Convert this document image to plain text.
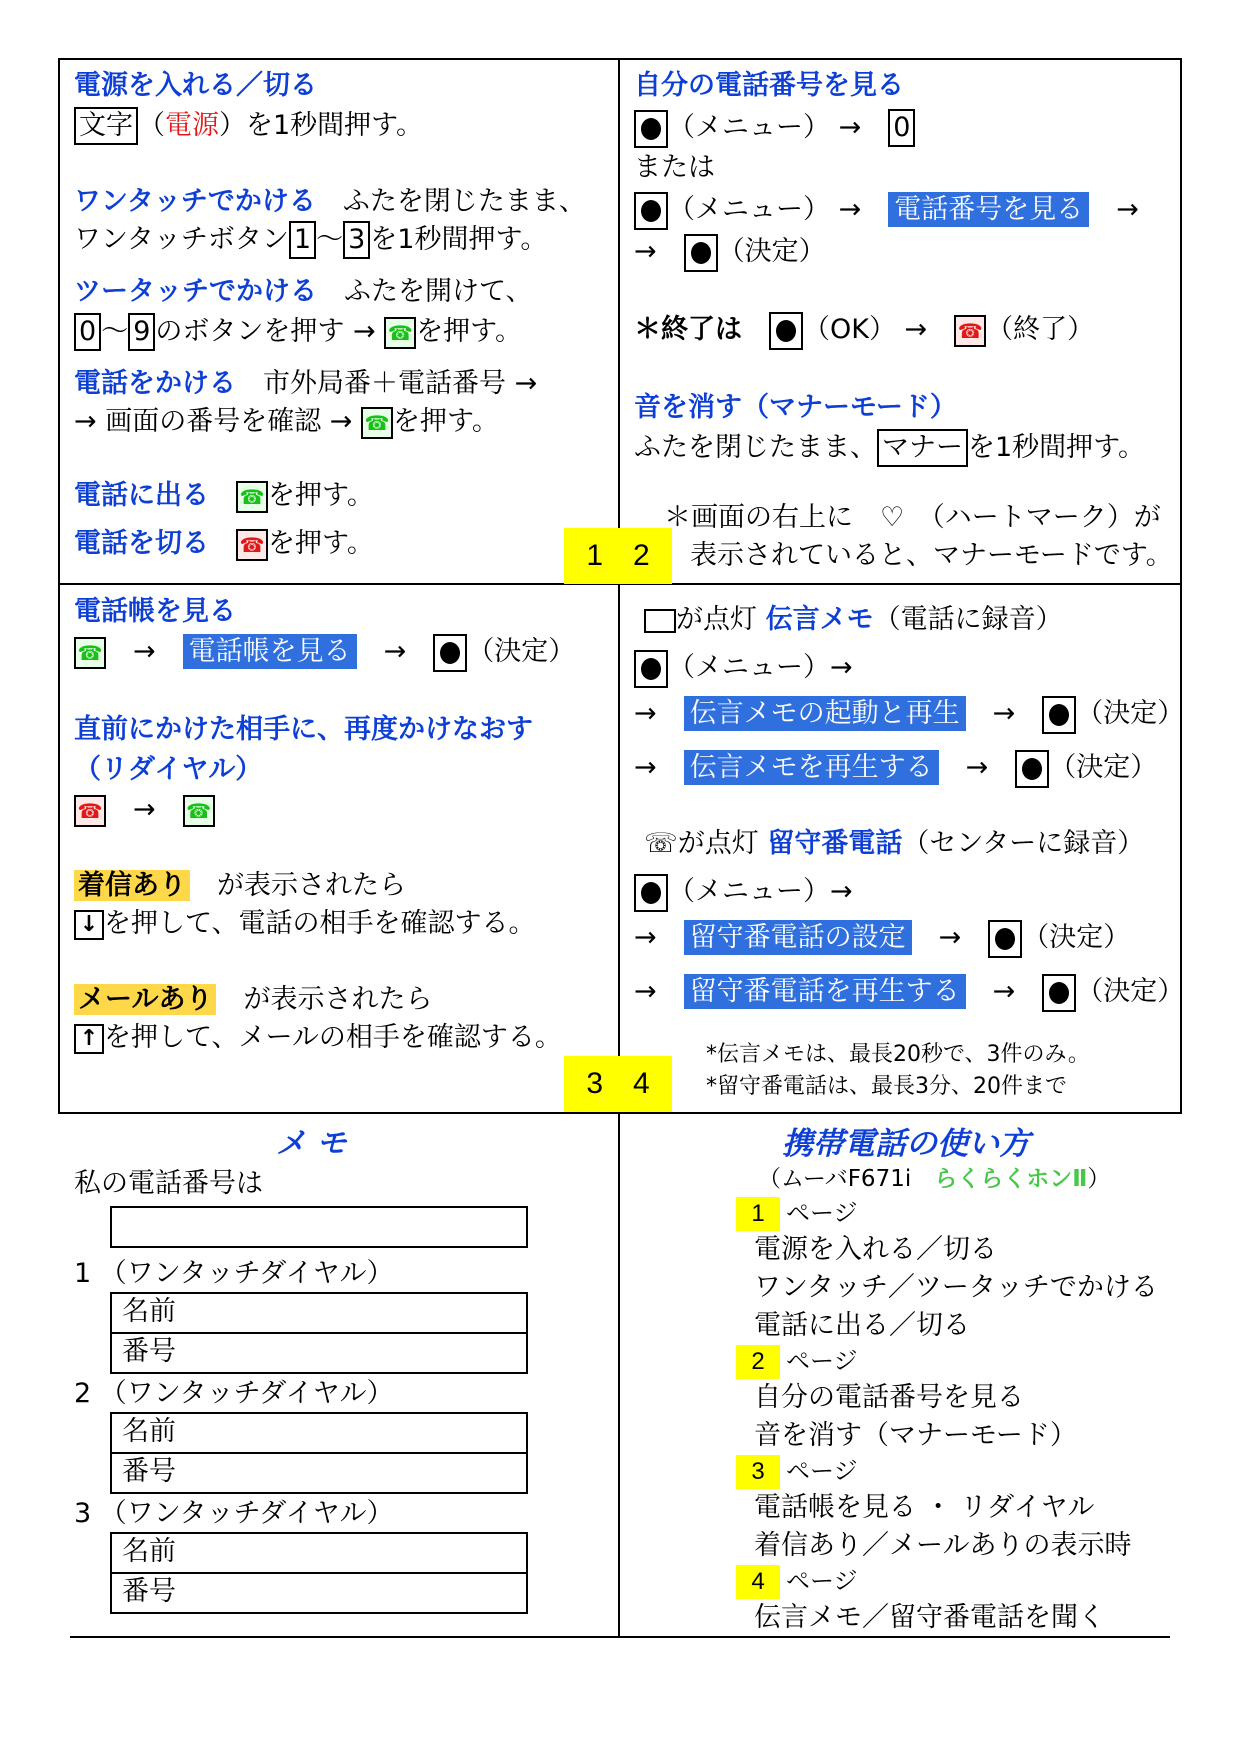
電源を入れる／切る
文字 （電源）を1秒間押す。
ワンタッチでかける　 ふたを閉じたまま、
ワンタッチボタン 1 〜 3 を1秒間押す。
ツータッチでかける　 ふたを開けて、
0 〜 9 のボタンを押す → ☎ を押す。
電話をかける　 市外局番＋電話番号 →
→ 画面の番号を確認 → ☎ を押す。
電話に出る　 ☎ を押す。
電話を切る　 ☎ を押す。	1　2
自分の電話番号を見る
（メニュー） →　 0
または
（メニュー） →　 電話番号を見る　 →
→　 （決定）
＊終了は　 （OK） →　 ☎ （終了）
音を消す（マナーモード）
ふたを閉じたまま、 マナー を1秒間押す。
＊画面の右上に　 ♡　 （ハートマーク）が
表示されていると、マナーモードです。
電話帳を見る
☎　→　電話帳を見る　→　（決定）
直前にかけた相手に、再度かけなおす
（リダイヤル）
☎　→　☎
着信あり　 が表示されたら
↓ を押して、電話の相手を確認する。
メールあり　 が表示されたら
↑ を押して、メールの相手を確認する。
3　4
が点灯 伝言メモ（電話に録音）
（メニュー）→
→　 伝言メモの起動と再生　→　（決定）
→　 伝言メモを再生する　→　（決定）
☏が点灯 留守番電話（センターに録音）
（メニュー）→
→　 留守番電話の設定　→　（決定）
→　 留守番電話を再生する　→　（決定）
*伝言メモは、最長20秒で、3件のみ。
*留守番電話は、最長3分、20件まで
メ モ
私の電話番号は
1 （ワンタッチダイヤル）
名前
番号
2 （ワンタッチダイヤル）
名前
番号
3 （ワンタッチダイヤル）
名前
番号
携帯電話の使い方
（ムーバF671i　 らくらくホンⅡ）
1 ページ
電源を入れる／切る
ワンタッチ／ツータッチでかける
電話に出る／切る
2 ページ
自分の電話番号を見る
音を消す（マナーモード）
3 ページ
電話帳を見る ・ リダイヤル
着信あり／メールありの表示時
4 ページ
伝言メモ／留守番電話を聞く
